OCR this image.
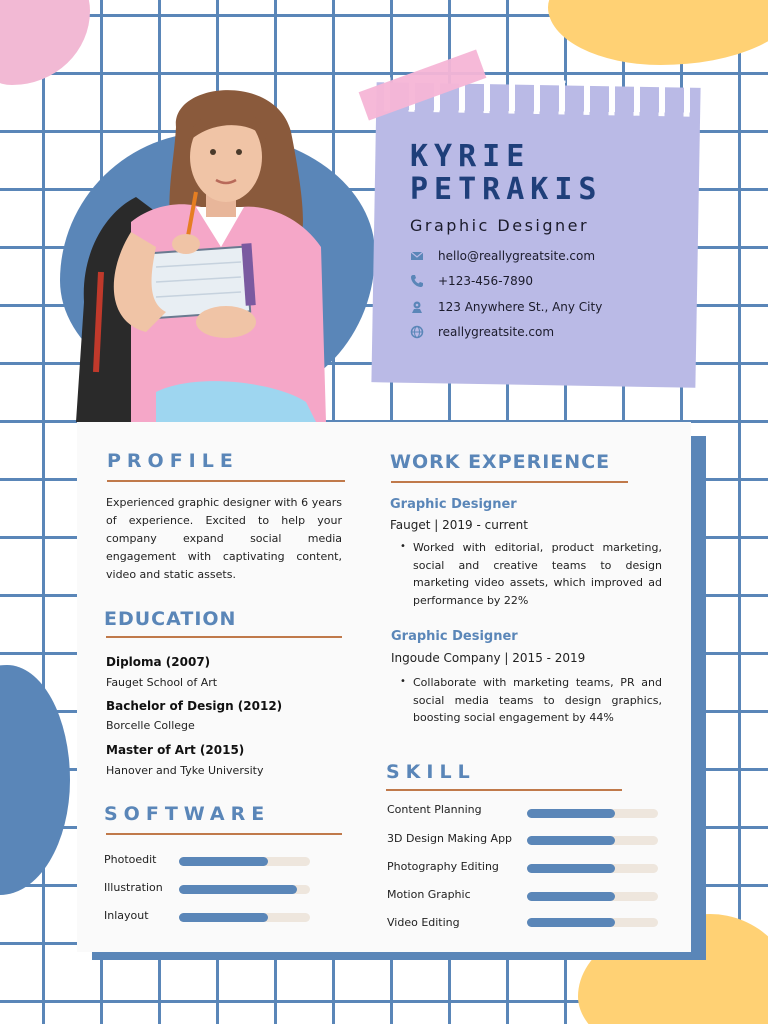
KYRIE
PETRAKIS
Graphic Designer
hello@reallygreatsite.com
+123-456-7890
123 Anywhere St., Any City
reallygreatsite.com
PROFILE
Experienced graphic designer with 6 years of experience. Excited to help your company expand social media engagement with captivating content, video and static assets.
EDUCATION
Diploma (2007)
Fauget School of Art
Bachelor of Design (2012)
Borcelle College
Master of Art (2015)
Hanover and Tyke University
SOFTWARE
Photoedit
Illustration
Inlayout
WORK EXPERIENCE
Graphic Designer
Fauget | 2019 - current
• Worked with editorial, product marketing, social and creative teams to design marketing video assets, which improved ad performance by 22%
Graphic Designer
Ingoude Company | 2015 - 2019
• Collaborate with marketing teams, PR and social media teams to design graphics, boosting social engagement by 44%
SKILL
Content Planning
3D Design Making App
Photography Editing
Motion Graphic
Video Editing
